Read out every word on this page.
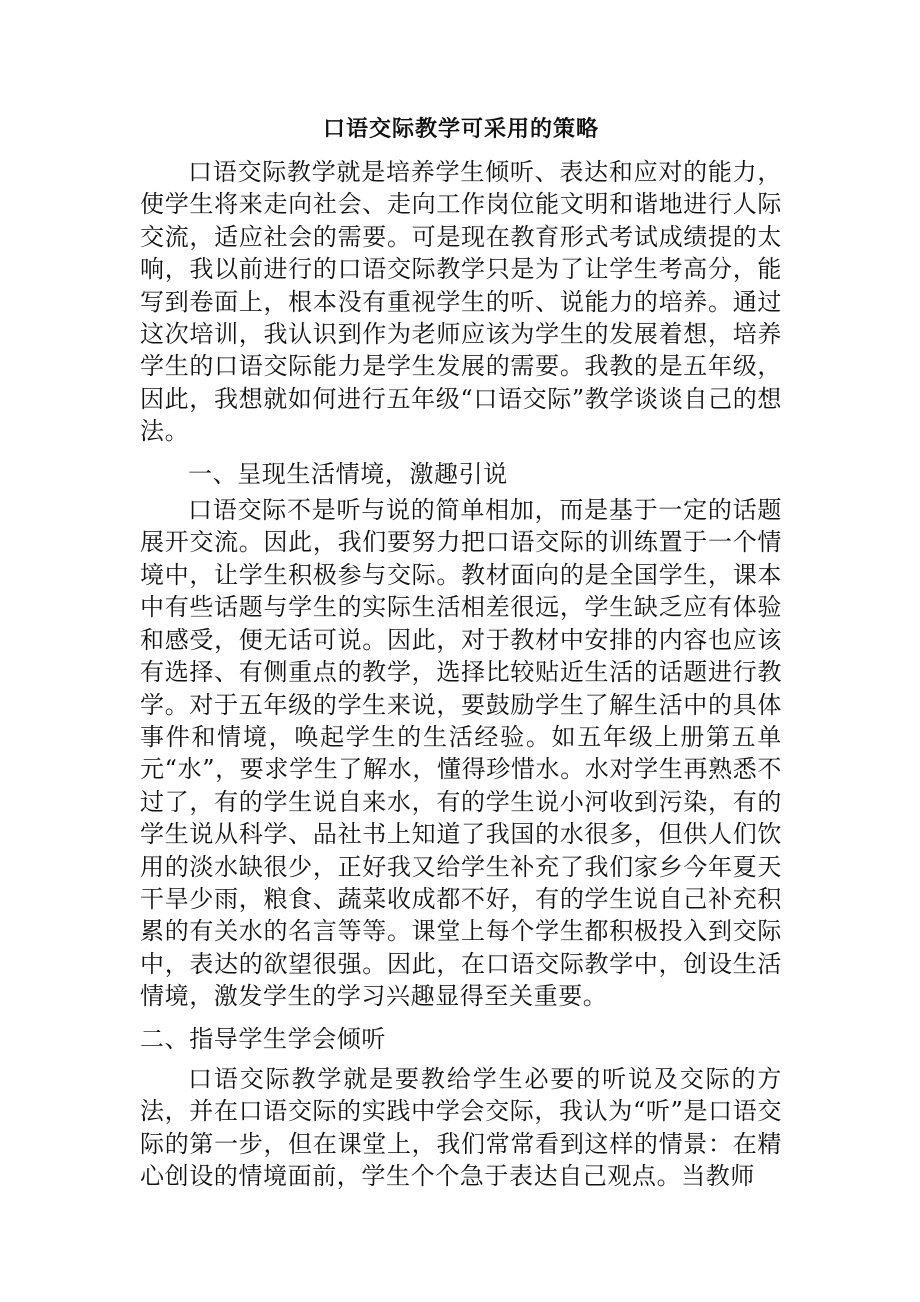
口语交际教学可采用的策略

口语交际教学就是培养学生倾听、表达和应对的能力，使学生将来走向社会、走向工作岗位能文明和谐地进行人际交流，适应社会的需要。可是现在教育形式考试成绩提的太响，我以前进行的口语交际教学只是为了让学生考高分，能写到卷面上，根本没有重视学生的听、说能力的培养。通过这次培训，我认识到作为老师应该为学生的发展着想，培养学生的口语交际能力是学生发展的需要。我教的是五年级，因此，我想就如何进行五年级“口语交际”教学谈谈自己的想法。

一、呈现生活情境，激趣引说

口语交际不是听与说的简单相加，而是基于一定的话题展开交流。因此，我们要努力把口语交际的训练置于一个情境中，让学生积极参与交际。教材面向的是全国学生，课本中有些话题与学生的实际生活相差很远，学生缺乏应有体验和感受，便无话可说。因此，对于教材中安排的内容也应该有选择、有侧重点的教学，选择比较贴近生活的话题进行教学。对于五年级的学生来说，要鼓励学生了解生活中的具体事件和情境，唤起学生的生活经验。如五年级上册第五单元“水”，要求学生了解水，懂得珍惜水。水对学生再熟悉不过了，有的学生说自来水，有的学生说小河收到污染，有的学生说从科学、品社书上知道了我国的水很多，但供人们饮用的淡水缺很少，正好我又给学生补充了我们家乡今年夏天干旱少雨，粮食、蔬菜收成都不好，有的学生说自己补充积累的有关水的名言等等。课堂上每个学生都积极投入到交际中，表达的欲望很强。因此，在口语交际教学中，创设生活情境，激发学生的学习兴趣显得至关重要。

二、指导学生学会倾听

口语交际教学就是要教给学生必要的听说及交际的方法，并在口语交际的实践中学会交际，我认为“听”是口语交际的第一步，但在课堂上，我们常常看到这样的情景：在精心创设的情境面前，学生个个急于表达自己观点。当教师
